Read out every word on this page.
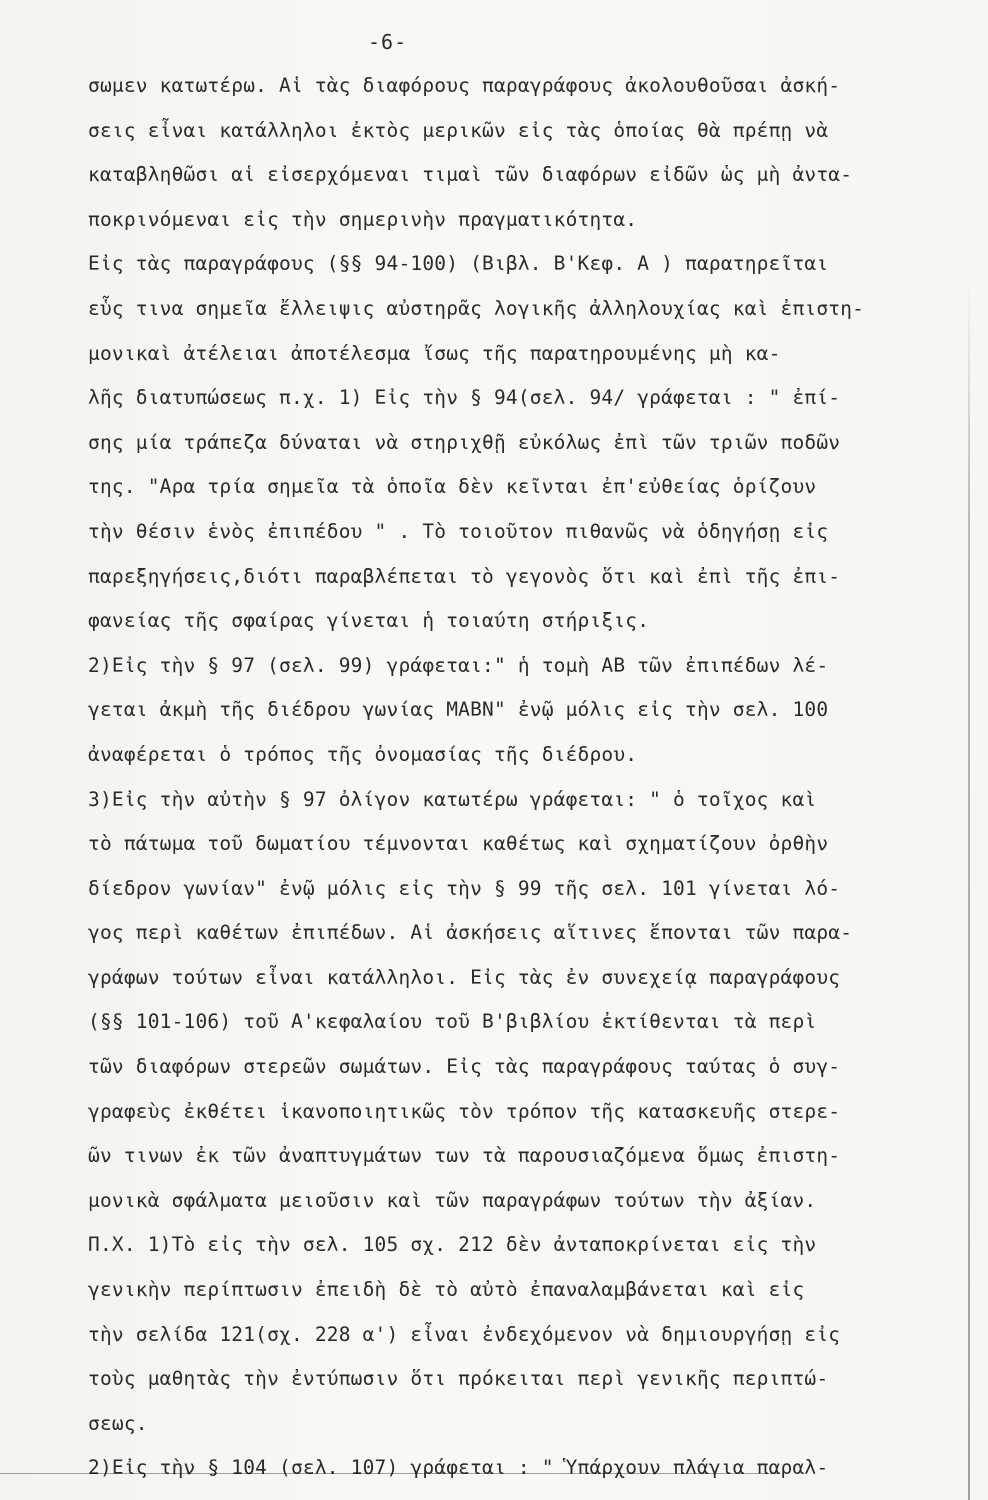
-6-
σωμεν κατωτέρω. Αἱ τὰς διαφόρους παραγράφους ἀκολουθοῦσαι ἀσκή-
σεις εἶναι κατάλληλοι ἐκτὸς μερικῶν εἰς τὰς ὁποίας θὰ πρέπῃ νὰ
καταβληθῶσι αἱ εἰσερχόμεναι τιμαὶ τῶν διαφόρων εἰδῶν ὡς μὴ ἀντα-
ποκρινόμεναι εἰς τὴν σημερινὴν πραγματικότητα.
Εἰς τὰς παραγράφους (§§ 94-100) (Βιβλ. Β'Κεφ. Α ) παρατηρεῖται
εὗς τινα σημεῖα ἔλλειψις αὐστηρᾶς λογικῆς ἀλληλουχίας καὶ ἐπιστη-
μονικαὶ ἀτέλειαι ἀποτέλεσμα ἴσως τῆς παρατηρουμένης μὴ κα-
λῆς διατυπώσεως π.χ. 1) Εἰς τὴν § 94(σελ. 94/ γράφεται : " ἐπί-
σης μία τράπεζα δύναται νὰ στηριχθῇ εὐκόλως ἐπὶ τῶν τριῶν ποδῶν
της. "Αρα τρία σημεῖα τὰ ὁποῖα δὲν κεῖνται ἐπ'εὐθείας ὁρίζουν
τὴν θέσιν ἑνὸς ἐπιπέδου " . Τὸ τοιοῦτον πιθανῶς νὰ ὁδηγήσῃ εἰς
παρεξηγήσεις,διότι παραβλέπεται τὸ γεγονὸς ὅτι καὶ ἐπὶ τῆς ἐπι-
φανείας τῆς σφαίρας γίνεται ἡ τοιαύτη στήριξις.
2)Εἰς τὴν § 97 (σελ. 99) γράφεται:" ἡ τομὴ ΑΒ τῶν ἐπιπέδων λέ-
γεται ἀκμὴ τῆς διέδρου γωνίας ΜΑΒΝ" ἐνῷ μόλις εἰς τὴν σελ. 100
ἀναφέρεται ὁ τρόπος τῆς ὀνομασίας τῆς διέδρου.
3)Εἰς τὴν αὐτὴν § 97 ὀλίγον κατωτέρω γράφεται: " ὁ τοῖχος καὶ
τὸ πάτωμα τοῦ δωματίου τέμνονται καθέτως καὶ σχηματίζουν ὀρθὴν
δίεδρον γωνίαν" ἐνῷ μόλις εἰς τὴν § 99 τῆς σελ. 101 γίνεται λό-
γος περὶ καθέτων ἐπιπέδων. Αἱ ἀσκήσεις αἵτινες ἕπονται τῶν παρα-
γράφων τούτων εἶναι κατάλληλοι. Εἰς τὰς ἐν συνεχείᾳ παραγράφους
(§§ 101-106) τοῦ Α'κεφαλαίου τοῦ Β'βιβλίου ἐκτίθενται τὰ περὶ
τῶν διαφόρων στερεῶν σωμάτων. Εἰς τὰς παραγράφους ταύτας ὁ συγ-
γραφεὺς ἐκθέτει ἱκανοποιητικῶς τὸν τρόπον τῆς κατασκευῆς στερε-
ῶν τινων ἐκ τῶν ἀναπτυγμάτων των τὰ παρουσιαζόμενα ὅμως ἐπιστη-
μονικὰ σφάλματα μειοῦσιν καὶ τῶν παραγράφων τούτων τὴν ἀξίαν.
Π.Χ. 1)Τὸ εἰς τὴν σελ. 105 σχ. 212 δὲν ἀνταποκρίνεται εἰς τὴν
γενικὴν περίπτωσιν ἐπειδὴ δὲ τὸ αὐτὸ ἐπαναλαμβάνεται καὶ εἰς
τὴν σελίδα 121(σχ. 228 α') εἶναι ἐνδεχόμενον νὰ δημιουργήσῃ εἰς
τοὺς μαθητὰς τὴν ἐντύπωσιν ὅτι πρόκειται περὶ γενικῆς περιπτώ-
σεως.
2)Εἰς τὴν § 104 (σελ. 107) γράφεται : " Ὑπάρχουν πλάγια παραλ-
